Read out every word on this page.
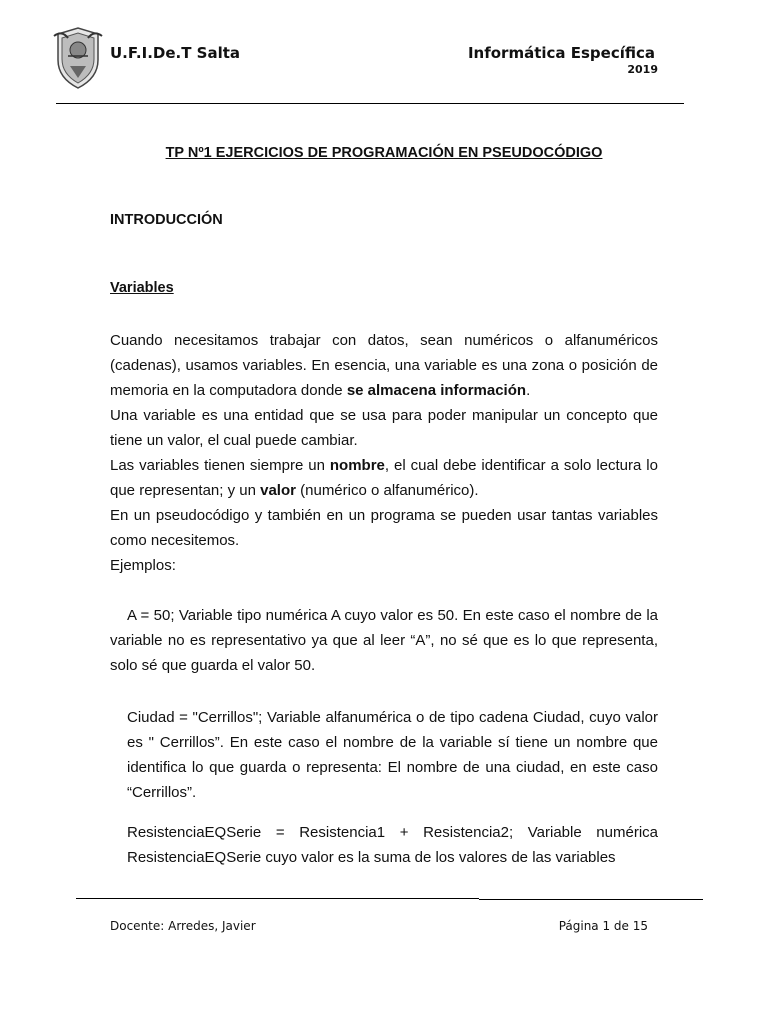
U.F.I.De.T Salta	Informática Específica
2019
TP Nº1 EJERCICIOS DE PROGRAMACIÓN EN PSEUDOCÓDIGO
INTRODUCCIÓN
Variables
Cuando necesitamos trabajar con datos, sean numéricos o alfanuméricos (cadenas), usamos variables. En esencia, una variable es una zona o posición de memoria en la computadora donde se almacena información.
Una variable es una entidad que se usa para poder manipular un concepto que tiene un valor, el cual puede cambiar.
Las variables tienen siempre un nombre, el cual debe identificar a solo lectura lo que representan; y un valor (numérico o alfanumérico).
En un pseudocódigo y también en un programa se pueden usar tantas variables como necesitemos.
Ejemplos:

A = 50; Variable tipo numérica A cuyo valor es 50. En este caso el nombre de la variable no es representativo ya que al leer “A”, no sé que es lo que representa, solo sé que guarda el valor 50.

Ciudad = "Cerrillos"; Variable alfanumérica o de tipo cadena Ciudad, cuyo valor es " Cerrillos”. En este caso el nombre de la variable sí tiene un nombre que identifica lo que guarda o representa: El nombre de una ciudad, en este caso “Cerrillos”.

ResistenciaEQSerie = Resistencia1 + Resistencia2; Variable numérica ResistenciaEQSerie cuyo valor es la suma de los valores de las variables

Docente: Arredes, Javier	Página 1 de 15
